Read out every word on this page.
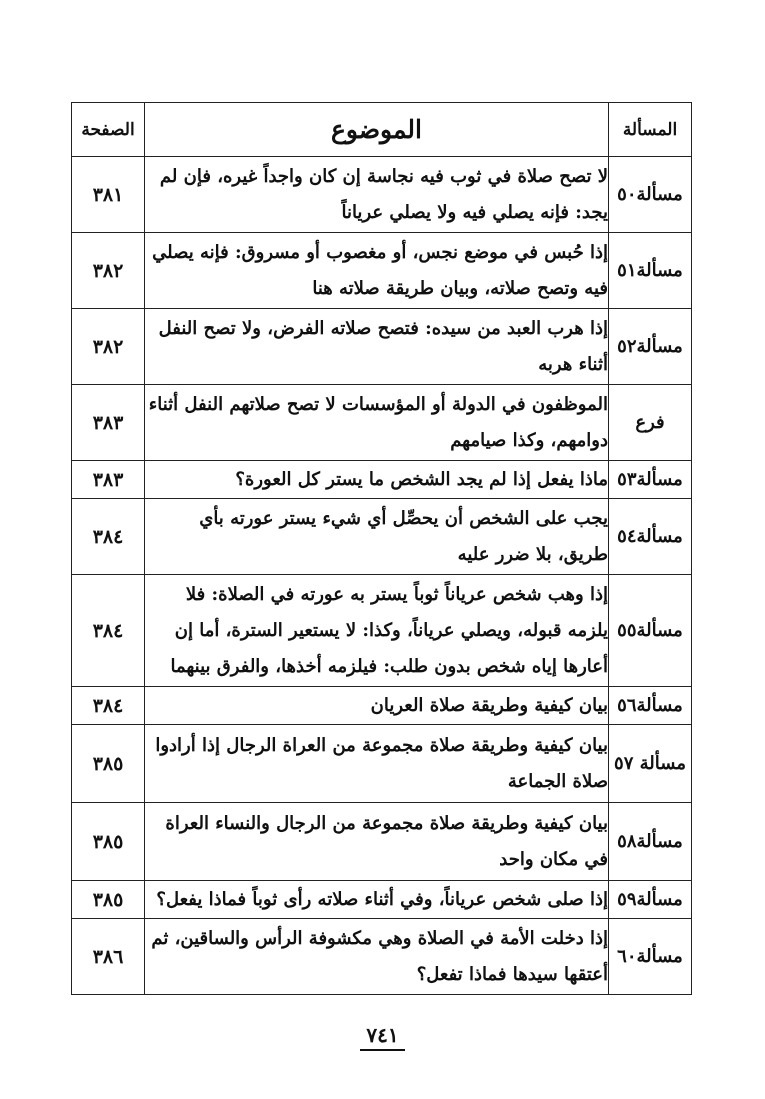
المسألة	الموضوع	الصفحة
مسألة٥٠	لا تصح صلاة في ثوب فيه نجاسة إن كان واجداً غيره، فإن لم يجد: فإنه يصلي فيه ولا يصلي عرياناً	٣٨١
مسألة٥١	إذا حُبس في موضع نجس، أو مغصوب أو مسروق: فإنه يصلي فيه وتصح صلاته، وبيان طريقة صلاته هنا	٣٨٢
مسألة٥٢	إذا هرب العبد من سيده: فتصح صلاته الفرض، ولا تصح النفل أثناء هربه	٣٨٢
فرع	الموظفون في الدولة أو المؤسسات لا تصح صلاتهم النفل أثناء دوامهم، وكذا صيامهم	٣٨٣
مسألة٥٣	ماذا يفعل إذا لم يجد الشخص ما يستر كل العورة؟	٣٨٣
مسألة٥٤	يجب على الشخص أن يحصِّل أي شيء يستر عورته بأي طريق، بلا ضرر عليه	٣٨٤
مسألة٥٥	إذا وهب شخص عرياناً ثوباً يستر به عورته في الصلاة: فلا يلزمه قبوله، ويصلي عرياناً، وكذا: لا يستعير السترة، أما إن أعارها إياه شخص بدون طلب: فيلزمه أخذها، والفرق بينهما	٣٨٤
مسألة٥٦	بيان كيفية وطريقة صلاة العريان	٣٨٤
مسألة ٥٧	بيان كيفية وطريقة صلاة مجموعة من العراة الرجال إذا أرادوا صلاة الجماعة	٣٨٥
مسألة٥٨	بيان كيفية وطريقة صلاة مجموعة من الرجال والنساء العراة في مكان واحد	٣٨٥
مسألة٥٩	إذا صلى شخص عرياناً، وفي أثناء صلاته رأى ثوباً فماذا يفعل؟	٣٨٥
مسألة٦٠	إذا دخلت الأمة في الصلاة وهي مكشوفة الرأس والساقين، ثم أعتقها سيدها فماذا تفعل؟	٣٨٦
٧٤١
